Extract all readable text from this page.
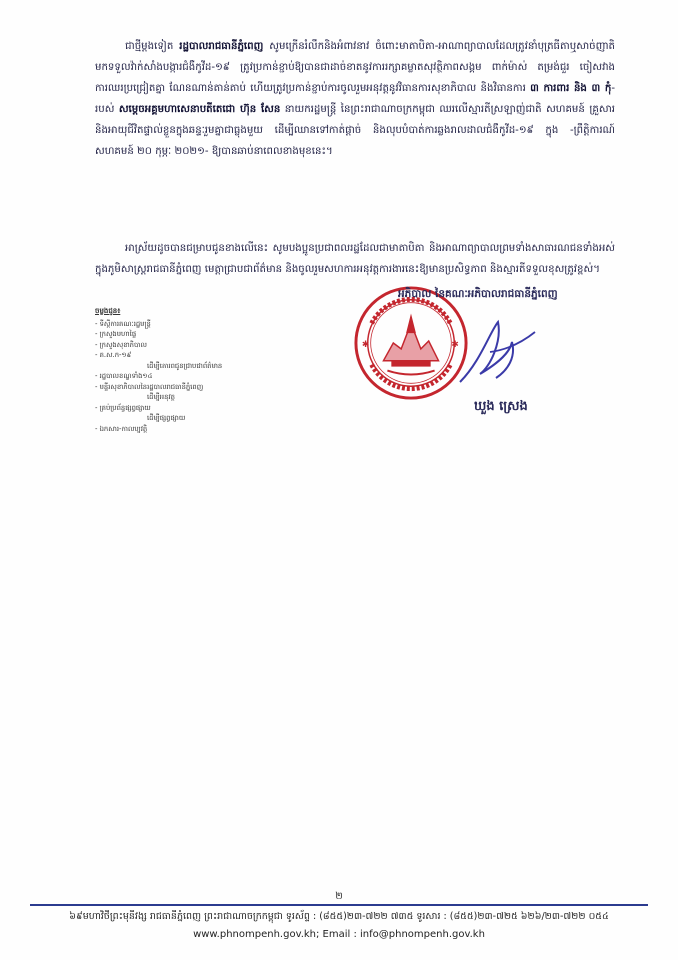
ជាថ្មីម្តងទៀត រដ្ឋបាលរាជធានីភ្នំពេញ សូមក្រើនរំលឹកនិងអំពាវនាវ ចំពោះមាតាបិតា-អាណាព្យាបាលដែលត្រូវនាំបុត្រធីតាឬសាច់ញាតិ មកទទួលវ៉ាក់សាំងបង្ការជំងឺកូវីដ-១៩ ត្រូវប្រកាន់ខ្ជាប់ឱ្យបានជាដាច់ខាតនូវការរក្សាគម្លាតសុវត្ថិភាពសង្គម ពាក់ម៉ាស់ តម្រង់ជួរ ចៀសវាងការឈរប្រជ្រៀតគ្នា ណែនណាន់តាន់តាប់ ហើយត្រូវប្រកាន់ខ្ជាប់ការចូលរួមអនុវត្តនូវវិធានការសុខាភិបាល និងវិធានការ ៣ ការពារ និង ៣ កុំ-របស់ សម្តេចអគ្គមហាសេនាបតីតេជោ ហ៊ុន សែន នាយករដ្ឋមន្ត្រី នៃព្រះរាជាណាចក្រកម្ពុជា ឈរលើស្មារតីស្រឡាញ់ជាតិ សហគមន៍ គ្រួសារ និងអាយុជីវិតផ្ទាល់ខ្លួនក្នុងឆន្ទៈរួមគ្នាជាធ្លុងមួយ ដើម្បីឈានទៅកាត់ផ្តាច់ និងលុបបំបាត់ការឆ្លងរាលដាលជំងឺកូវីដ-១៩ ក្នុង -ព្រឹត្តិការណ៍សហគមន៍ ២០ កុម្ភៈ ២០២១- ឱ្យបានឆាប់នាពេលខាងមុខនេះ។
អាស្រ័យដូចបានជម្រាបជូនខាងលើនេះ សូមបងប្អូនប្រជាពលរដ្ឋដែលជាមាតាបិតា និងអាណាព្យាបាលព្រមទាំងសាធារណជនទាំងអស់ក្នុងភូមិសាស្ត្ររាជធានីភ្នំពេញ មេត្តាជ្រាបជាព័ត៌មាន និងចូលរួមសហការអនុវត្តការងារនេះឱ្យមានប្រសិទ្ធភាព និងស្មារតីទទួលខុសត្រូវខ្ពស់។
✱	✱
អភិបាល នៃគណៈអភិបាលរាជធានីភ្នំពេញ
ឃួង ស្រេង
ចម្លងជូន៖
- ទីស្តីការគណៈរដ្ឋមន្ត្រី
- ក្រសួងមហាផ្ទៃ
- ក្រសួងសុខាភិបាល
- គ.ស.ក-១៩
ដើម្បីគោរពជូនជ្រាបជាព័ត៌មាន
- រដ្ឋបាលខណ្ឌទាំង១៤
- មន្ទីរសុខាភិបាលនៃរដ្ឋបាលរាជធានីភ្នំពេញ
ដើម្បីអនុវត្ត
- គ្រប់ប្រព័ន្ធផ្សព្វផ្សាយ
ដើម្បីផ្សព្វផ្សាយ
- ឯកសារ-កាលប្បវត្តិ
២
៦៩មហាវិថីព្រះមុនីវង្ស រាជធានីភ្នំពេញ ព្រះរាជាណាចក្រកម្ពុជា ទូរស័ព្ទ : (៨៥៥)២៣-៧២២ ៧៣៥ ទូរសារ : (៨៥៥)២៣-៧២៥ ៦២៦/២៣-៧២២ ០៥៤
www.phnompenh.gov.kh; Email : info@phnompenh.gov.kh
